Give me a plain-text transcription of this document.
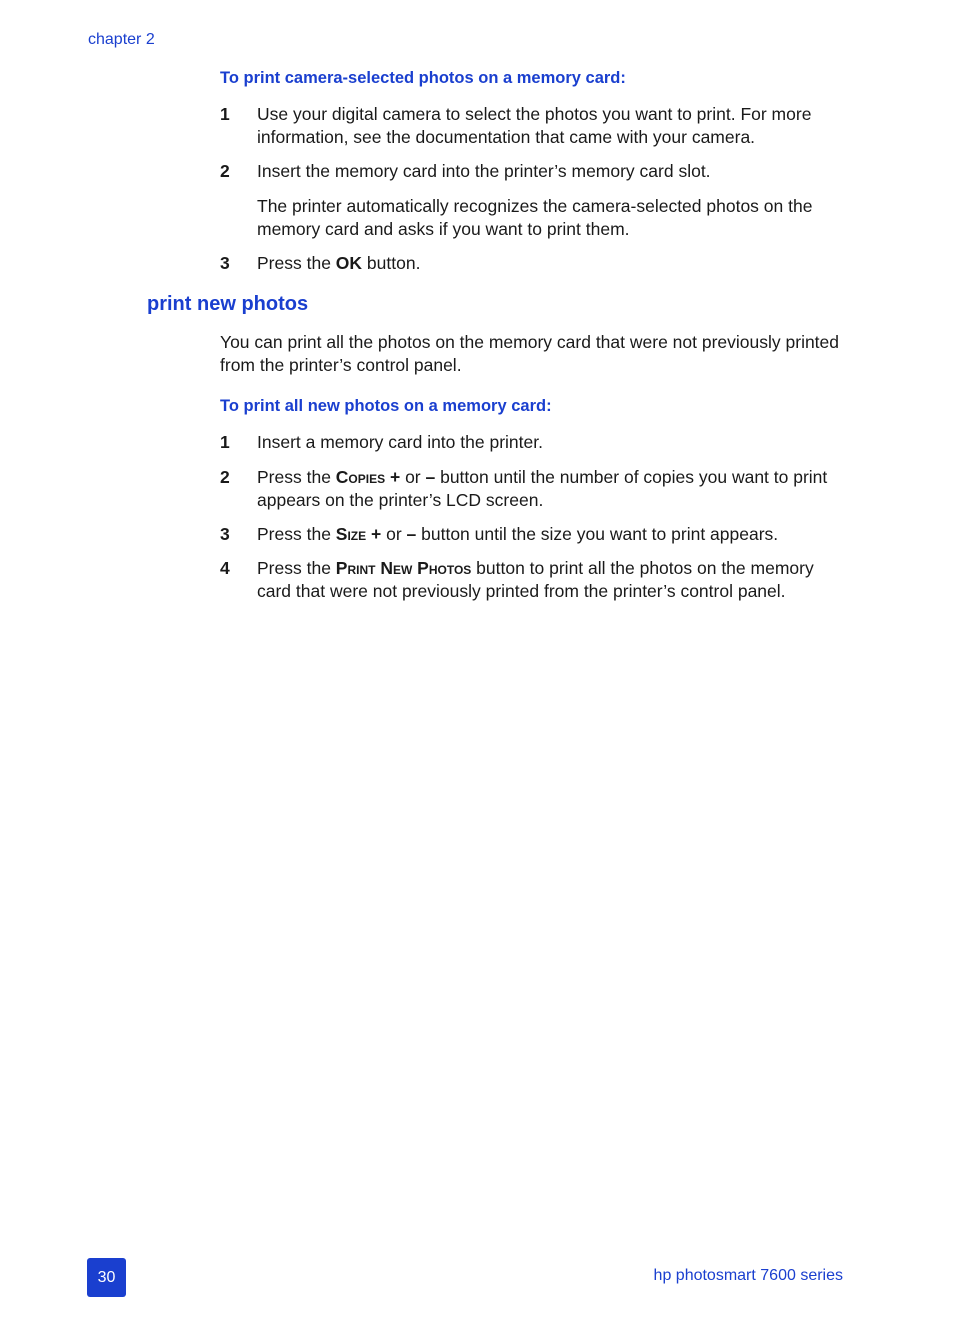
chapter 2
To print camera-selected photos on a memory card:
1 Use your digital camera to select the photos you want to print. For more information, see the documentation that came with your camera.
2 Insert the memory card into the printer’s memory card slot.
The printer automatically recognizes the camera-selected photos on the memory card and asks if you want to print them.
3 Press the OK button.
print new photos
You can print all the photos on the memory card that were not previously printed from the printer’s control panel.
To print all new photos on a memory card:
1 Insert a memory card into the printer.
2 Press the Copies + or – button until the number of copies you want to print appears on the printer’s LCD screen.
3 Press the Size + or – button until the size you want to print appears.
4 Press the Print New Photos button to print all the photos on the memory card that were not previously printed from the printer’s control panel.
30	hp photosmart 7600 series
